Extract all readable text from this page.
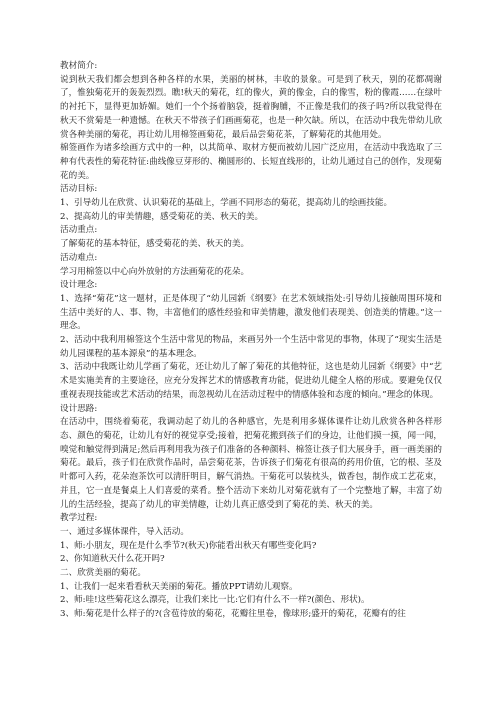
教材简介:

说到秋天我们都会想到各种各样的水果，美丽的树林，丰收的景象。可是到了秋天，别的花都凋谢了，惟独菊花开的轰轰烈烈。瞧!秋天的菊花，红的像火，黄的像金，白的像雪，粉的像霞……在绿叶的衬托下，显得更加娇媚。她们一个个扬着脑袋，挺着胸脯，不正像是我们的孩子吗?所以我觉得在秋天不赏菊是一种遗憾。在秋天不带孩子们画画菊花，也是一种欠缺。所以，在活动中我先带幼儿欣赏各种美丽的菊花，再让幼儿用棉签画菊花，最后品尝菊花茶，了解菊花的其他用处。

棉签画作为诸多绘画方式中的一种，以其简单、取材方便而被幼儿园广泛应用，在活动中我选取了三种有代表性的菊花特征:曲线像豆芽形的、椭圆形的、长短直线形的，让幼儿通过自己的创作，发现菊花的美。

活动目标:

1、引导幼儿在欣赏、认识菊花的基础上，学画不同形态的菊花，提高幼儿的绘画技能。

2、提高幼儿的审美情趣，感受菊花的美、秋天的美。

活动重点:

了解菊花的基本特征，感受菊花的美、秋天的美。

活动难点:

学习用棉签以中心向外放射的方法画菊花的花朵。

设计理念:

1、选择“菊花”这一题材，正是体现了“幼儿园新《纲要》在艺术领域指处:引导幼儿接触周围环境和生活中美好的人、事、物，丰富他们的感性经验和审美情趣，激发他们表现美、创造美的情趣。”这一理念。

2、活动中我利用棉签这个生活中常见的物品，来画另外一个生活中常见的事物，体现了“现实生活是幼儿园课程的基本源泉”的基本理念。

3、活动中我既让幼儿学画了菊花，还让幼儿了解了菊花的其他特征，这也是幼儿园新《纲要》中“艺术是实施美育的主要途径，应充分发挥艺术的情感教育功能，促进幼儿健全人格的形成。要避免仅仅重视表现技能或艺术活动的结果，而忽视幼儿在活动过程中的情感体验和态度的倾向。”理念的体现。

设计思路:

在活动中，围绕着菊花，我调动起了幼儿的各种感官，先是利用多媒体课件让幼儿欣赏各种各样形态、颜色的菊花，让幼儿有好的视觉享受;接着，把菊花搬到孩子们的身边，让他们摸一摸，闻一闻，嗅觉和触觉得到满足;然后再利用我为孩子们准备的各种颜料、棉签让孩子们大展身手，画一画美丽的菊花。最后，孩子们在欣赏作品时，品尝菊花茶，告诉孩子们菊花有很高的药用价值，它的根、茎及叶都可入药，花朵泡茶饮可以清肝明目，解气消热。干菊花可以装枕头，做香包，制作成工艺花束，并且，它一直是餐桌上人们喜爱的菜肴。整个活动下来幼儿对菊花就有了一个完整地了解，丰富了幼儿的生活经验，提高了幼儿的审美情趣，让幼儿真正感受到了菊花的美、秋天的美。

教学过程:

一、通过多媒体课件，导入活动。

1、师:小朋友，现在是什么季节?(秋天)你能看出秋天有哪些变化吗?

2、你知道秋天什么花开吗?

二、欣赏美丽的菊花。

1、让我们一起来看看秋天美丽的菊花。播放PPT请幼儿观察。

2、师:哇!这些菊花这么漂亮，让我们来比一比:它们有什么不一样?(颜色、形状)。

3、师:菊花是什么样子的?(含苞待放的菊花，花瓣往里卷，像球形;盛开的菊花，花瓣有的往
